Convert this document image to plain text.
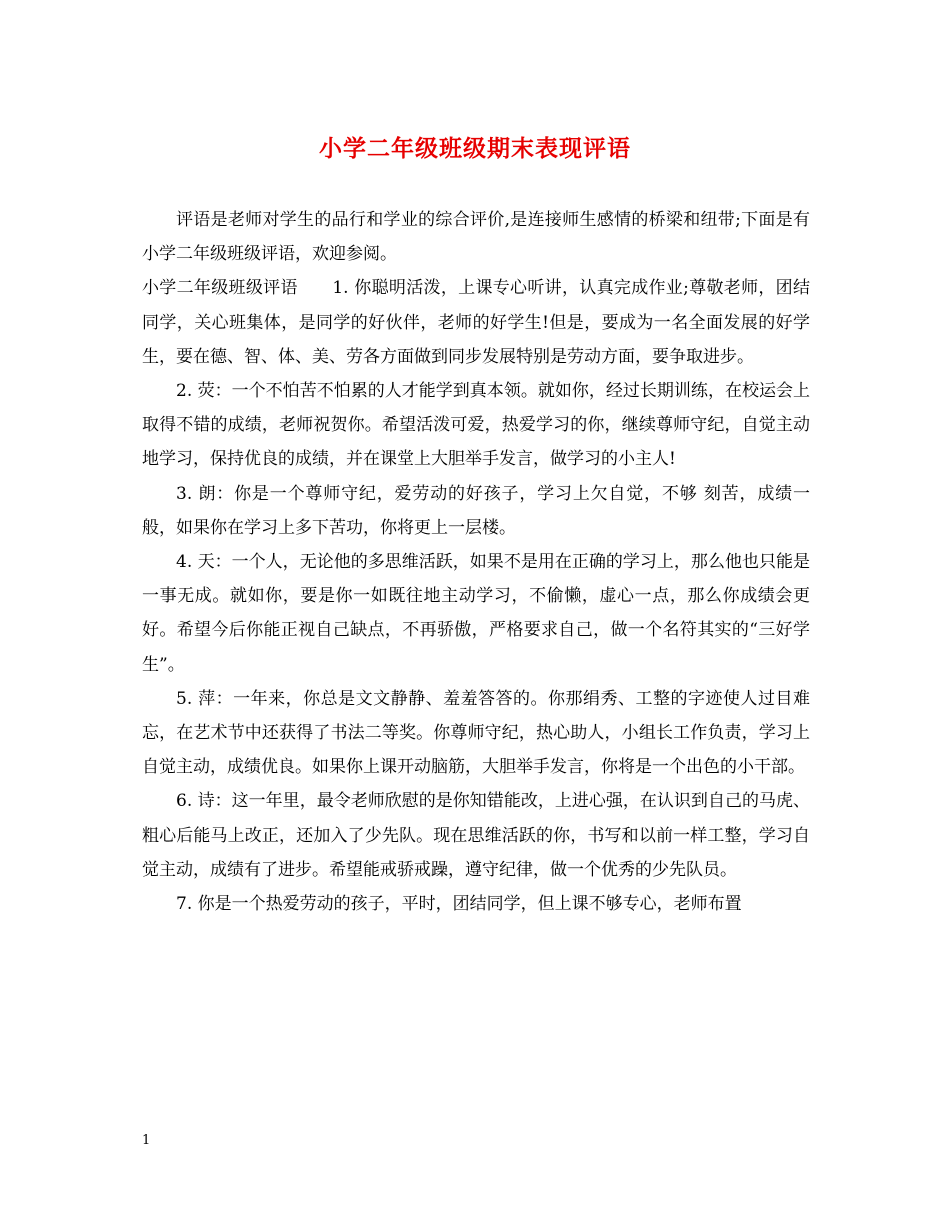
小学二年级班级期末表现评语

评语是老师对学生的品行和学业的综合评价,是连接师生感情的桥梁和纽带;下面是有小学二年级班级评语，欢迎参阅。

小学二年级班级评语　　1. 你聪明活泼，上课专心听讲，认真完成作业;尊敬老师，团结同学，关心班集体，是同学的好伙伴，老师的好学生!但是，要成为一名全面发展的好学生，要在德、智、体、美、劳各方面做到同步发展特别是劳动方面，要争取进步。

2. 荧：一个不怕苦不怕累的人才能学到真本领。就如你，经过长期训练，在校运会上取得不错的成绩，老师祝贺你。希望活泼可爱，热爱学习的你，继续尊师守纪，自觉主动地学习，保持优良的成绩，并在课堂上大胆举手发言，做学习的小主人!

3. 朗：你是一个尊师守纪，爱劳动的好孩子，学习上欠自觉，不够 刻苦，成绩一般，如果你在学习上多下苦功，你将更上一层楼。

4. 天：一个人，无论他的多思维活跃，如果不是用在正确的学习上，那么他也只能是一事无成。就如你，要是你一如既往地主动学习，不偷懒，虚心一点，那么你成绩会更好。希望今后你能正视自己缺点，不再骄傲，严格要求自己，做一个名符其实的“三好学生”。

5. 萍：一年来，你总是文文静静、羞羞答答的。你那绢秀、工整的字迹使人过目难忘，在艺术节中还获得了书法二等奖。你尊师守纪，热心助人，小组长工作负责，学习上自觉主动，成绩优良。如果你上课开动脑筋，大胆举手发言，你将是一个出色的小干部。

6. 诗：这一年里，最令老师欣慰的是你知错能改，上进心强，在认识到自己的马虎、粗心后能马上改正，还加入了少先队。现在思维活跃的你，书写和以前一样工整，学习自觉主动，成绩有了进步。希望能戒骄戒躁，遵守纪律，做一个优秀的少先队员。

7. 你是一个热爱劳动的孩子，平时，团结同学，但上课不够专心，老师布置

1
